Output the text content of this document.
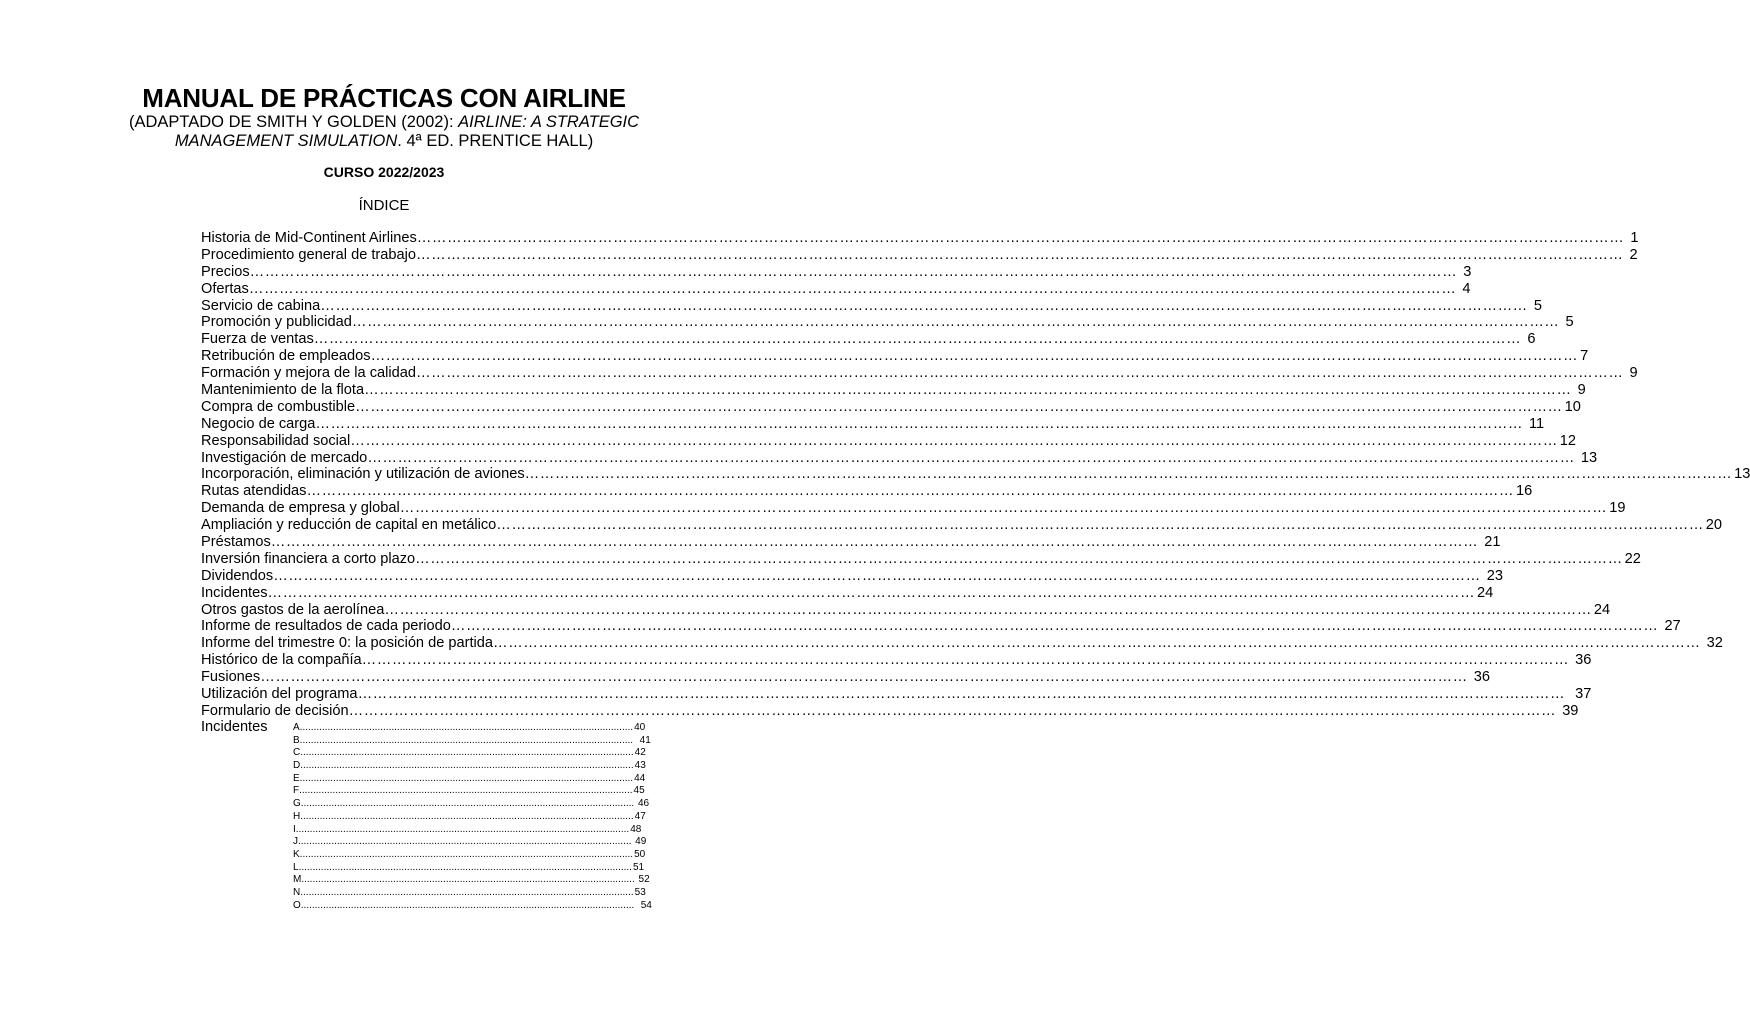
MANUAL DE PRÁCTICAS CON AIRLINE
(ADAPTADO DE SMITH Y GOLDEN (2002): AIRLINE: A STRATEGIC
MANAGEMENT SIMULATION. 4ª ED. PRENTICE HALL)
CURSO 2022/2023
ÍNDICE
Historia de Mid-Continent Airlines …………………………………………………………………………………………………………………………………………………………………………………………………………………… 1
Procedimiento general de trabajo …………………………………………………………………………………………………………………………………………………………………………………………………………………… 2
Precios …………………………………………………………………………………………………………………………………………………………………………………………………………………… 3
Ofertas …………………………………………………………………………………………………………………………………………………………………………………………………………………… 4
Servicio de cabina …………………………………………………………………………………………………………………………………………………………………………………………………………………… 5
Promoción y publicidad …………………………………………………………………………………………………………………………………………………………………………………………………………………… 5
Fuerza de ventas …………………………………………………………………………………………………………………………………………………………………………………………………………………… 6
Retribución de empleados …………………………………………………………………………………………………………………………………………………………………………………………………………………… 7
Formación y mejora de la calidad …………………………………………………………………………………………………………………………………………………………………………………………………………………… 9
Mantenimiento de la flota …………………………………………………………………………………………………………………………………………………………………………………………………………………… 9
Compra de combustible …………………………………………………………………………………………………………………………………………………………………………………………………………………… 10
Negocio de carga …………………………………………………………………………………………………………………………………………………………………………………………………………………… 11
Responsabilidad social …………………………………………………………………………………………………………………………………………………………………………………………………………………… 12
Investigación de mercado …………………………………………………………………………………………………………………………………………………………………………………………………………………… 13
Incorporación, eliminación y utilización de aviones …………………………………………………………………………………………………………………………………………………………………………………………………………………… 13
Rutas atendidas …………………………………………………………………………………………………………………………………………………………………………………………………………………… 16
Demanda de empresa y global …………………………………………………………………………………………………………………………………………………………………………………………………………………… 19
Ampliación y reducción de capital en metálico …………………………………………………………………………………………………………………………………………………………………………………………………………………… 20
Préstamos …………………………………………………………………………………………………………………………………………………………………………………………………………………… 21
Inversión financiera a corto plazo …………………………………………………………………………………………………………………………………………………………………………………………………………………… 22
Dividendos …………………………………………………………………………………………………………………………………………………………………………………………………………………… 23
Incidentes …………………………………………………………………………………………………………………………………………………………………………………………………………………… 24
Otros gastos de la aerolínea …………………………………………………………………………………………………………………………………………………………………………………………………………………… 24
Informe de resultados de cada periodo …………………………………………………………………………………………………………………………………………………………………………………………………………………… 27
Informe del trimestre 0: la posición de partida …………………………………………………………………………………………………………………………………………………………………………………………………………………… 32
Histórico de la compañía …………………………………………………………………………………………………………………………………………………………………………………………………………………… 36
Fusiones …………………………………………………………………………………………………………………………………………………………………………………………………………………… 36
Utilización del programa …………………………………………………………………………………………………………………………………………………………………………………………………………………… 37
Formulario de decisión …………………………………………………………………………………………………………………………………………………………………………………………………………………… 39
Incidentes	A ........................................................................................................................ 40
B ........................................................................................................................ 41
C ........................................................................................................................ 42
D ........................................................................................................................ 43
E ........................................................................................................................ 44
F ........................................................................................................................ 45
G ........................................................................................................................ 46
H ........................................................................................................................ 47
I ........................................................................................................................ 48
J ........................................................................................................................ 49
K ........................................................................................................................ 50
L ........................................................................................................................ 51
M ........................................................................................................................ 52
N ........................................................................................................................ 53
O ........................................................................................................................ 54
